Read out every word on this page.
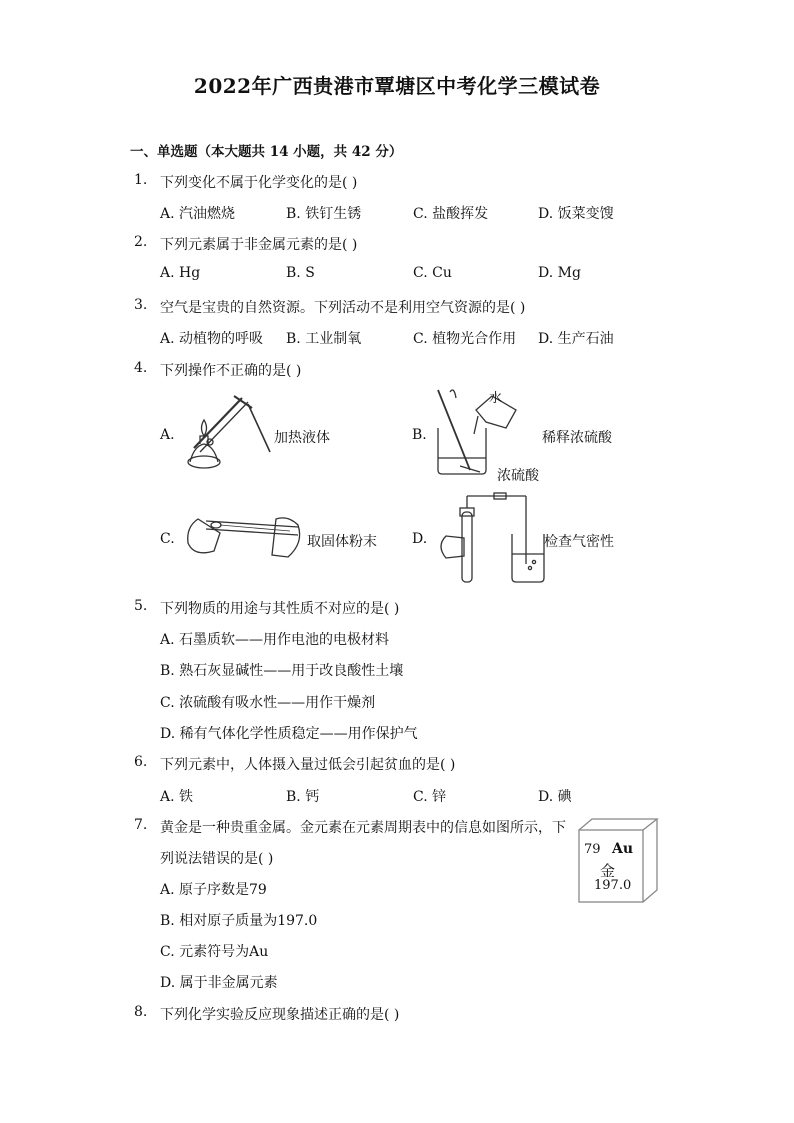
2022年广西贵港市覃塘区中考化学三模试卷
一、单选题（本大题共 14 小题，共 42 分）
1. 下列变化不属于化学变化的是( )
A. 汽油燃烧	B. 铁钉生锈	C. 盐酸挥发	D. 饭菜变馊
2. 下列元素属于非金属元素的是( )
A. Hg	B. S	C. Cu	D. Mg
3. 空气是宝贵的自然资源。下列活动不是利用空气资源的是( )
A. 动植物的呼吸 B. 工业制氧	C. 植物光合作用 D. 生产石油
4. 下列操作不正确的是( )
A.	加热液体	B.
水
稀释浓硫酸
浓硫酸
C.	取固体粉末	D.	检查气密性
5. 下列物质的用途与其性质不对应的是( )
A. 石墨质软——用作电池的电极材料
B. 熟石灰显碱性——用于改良酸性土壤
C. 浓硫酸有吸水性——用作干燥剂
D. 稀有气体化学性质稳定——用作保护气
6. 下列元素中，人体摄入量过低会引起贫血的是( )
A. 铁	B. 钙	C. 锌	D. 碘
7. 黄金是一种贵重金属。金元素在元素周期表中的信息如图所示，下
列说法错误的是( )
A. 原子序数是79
B. 相对原子质量为197.0
C. 元素符号为Au
D. 属于非金属元素
79 Au
金
197.0
8. 下列化学实验反应现象描述正确的是( )
